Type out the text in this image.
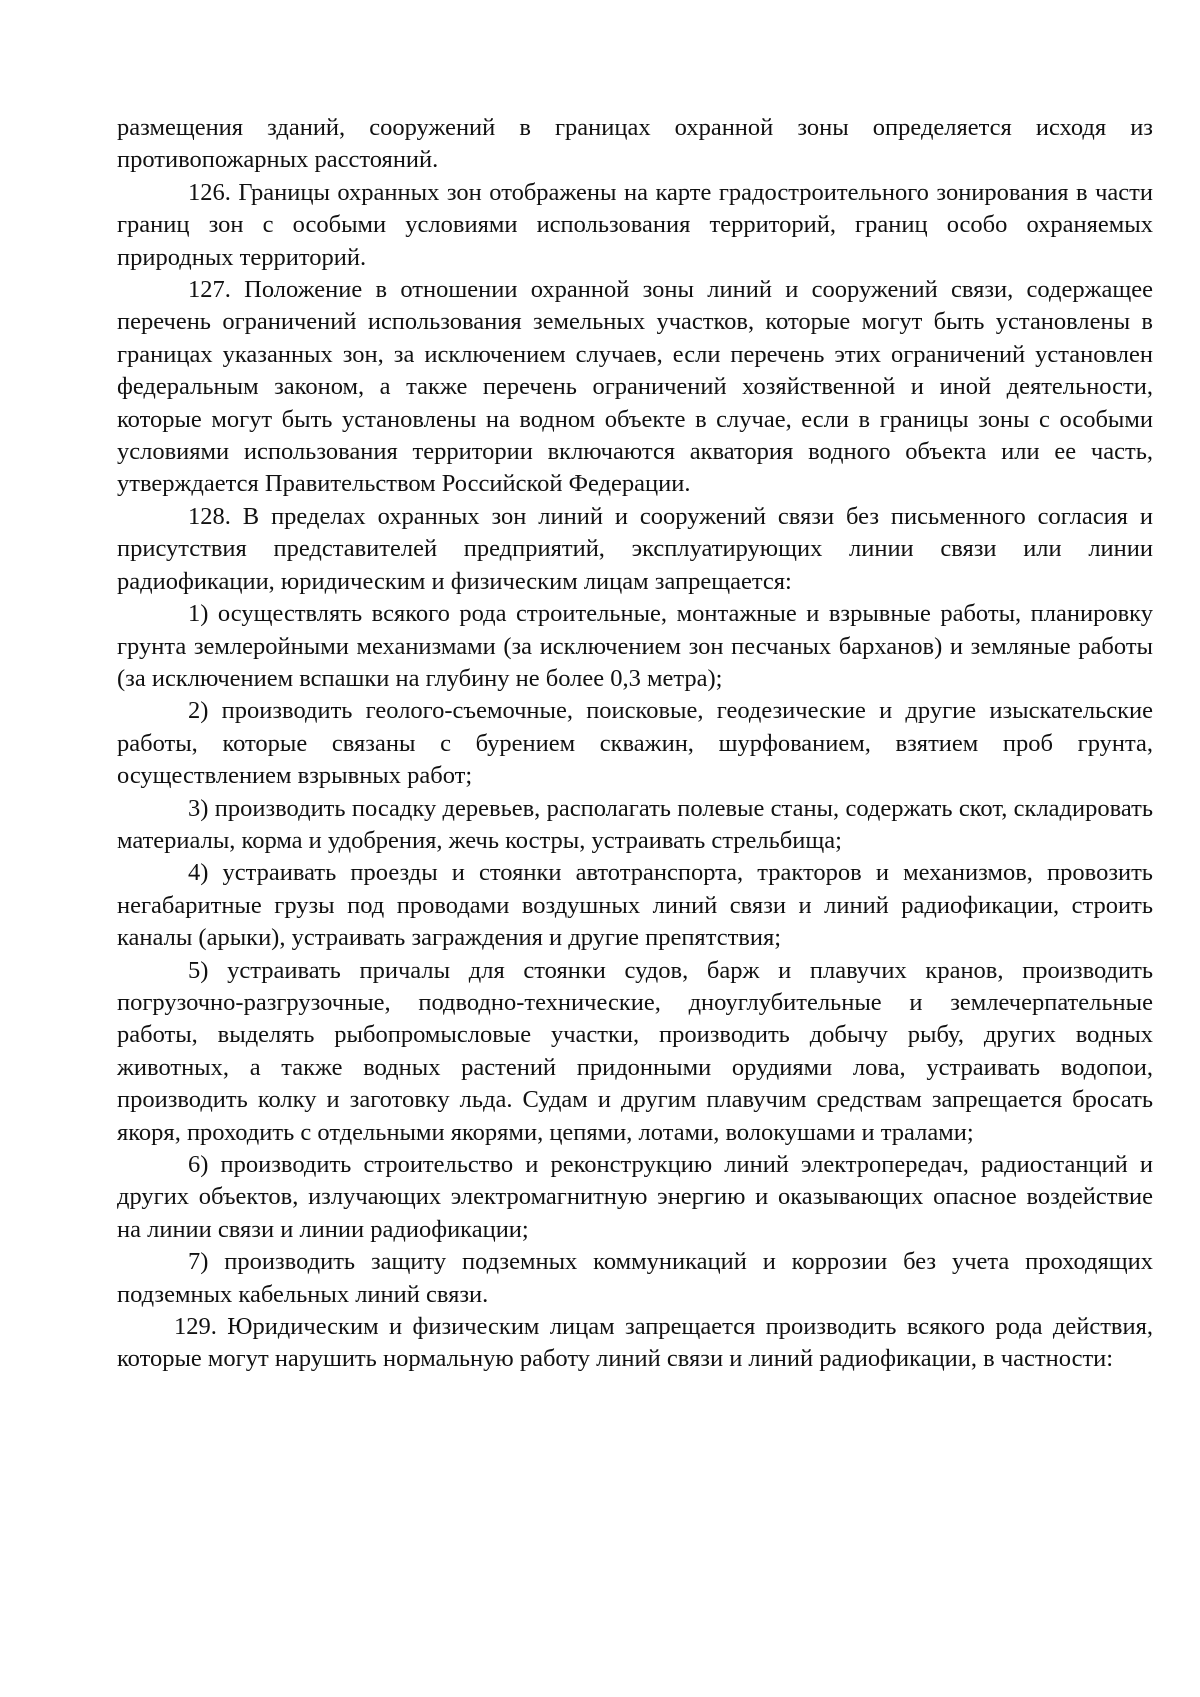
размещения зданий, сооружений в границах охранной зоны определяется исходя из противопожарных расстояний.

126. Границы охранных зон отображены на карте градостроительного зонирования в части границ зон с особыми условиями использования территорий, границ особо охраняемых природных территорий.

127. Положение в отношении охранной зоны линий и сооружений связи, содержащее перечень ограничений использования земельных участков, которые могут быть установлены в границах указанных зон, за исключением случаев, если перечень этих ограничений установлен федеральным законом, а также перечень ограничений хозяйственной и иной деятельности, которые могут быть установлены на водном объекте в случае, если в границы зоны с особыми условиями использования территории включаются акватория водного объекта или ее часть, утверждается Правительством Российской Федерации.

128. В пределах охранных зон линий и сооружений связи без письменного согласия и присутствия представителей предприятий, эксплуатирующих линии связи или линии радиофикации, юридическим и физическим лицам запрещается:

1) осуществлять всякого рода строительные, монтажные и взрывные работы, планировку грунта землеройными механизмами (за исключением зон песчаных барханов) и земляные работы (за исключением вспашки на глубину не более 0,3 метра);

2) производить геолого-съемочные, поисковые, геодезические и другие изыскательские работы, которые связаны с бурением скважин, шурфованием, взятием проб грунта, осуществлением взрывных работ;

3) производить посадку деревьев, располагать полевые станы, содержать скот, складировать материалы, корма и удобрения, жечь костры, устраивать стрельбища;

4) устраивать проезды и стоянки автотранспорта, тракторов и механизмов, провозить негабаритные грузы под проводами воздушных линий связи и линий радиофикации, строить каналы (арыки), устраивать заграждения и другие препятствия;

5) устраивать причалы для стоянки судов, барж и плавучих кранов, производить погрузочно-разгрузочные, подводно-технические, дноуглубительные и землечерпательные работы, выделять рыбопромысловые участки, производить добычу рыбу, других водных животных, а также водных растений придонными орудиями лова, устраивать водопои, производить колку и заготовку льда. Судам и другим плавучим средствам запрещается бросать якоря, проходить с отдельными якорями, цепями, лотами, волокушами и тралами;

6) производить строительство и реконструкцию линий электропередач, радиостанций и других объектов, излучающих электромагнитную энергию и оказывающих опасное воздействие на линии связи и линии радиофикации;

7) производить защиту подземных коммуникаций и коррозии без учета проходящих подземных кабельных линий связи.

129. Юридическим и физическим лицам запрещается производить всякого рода действия, которые могут нарушить нормальную работу линий связи и линий радиофикации, в частности:
